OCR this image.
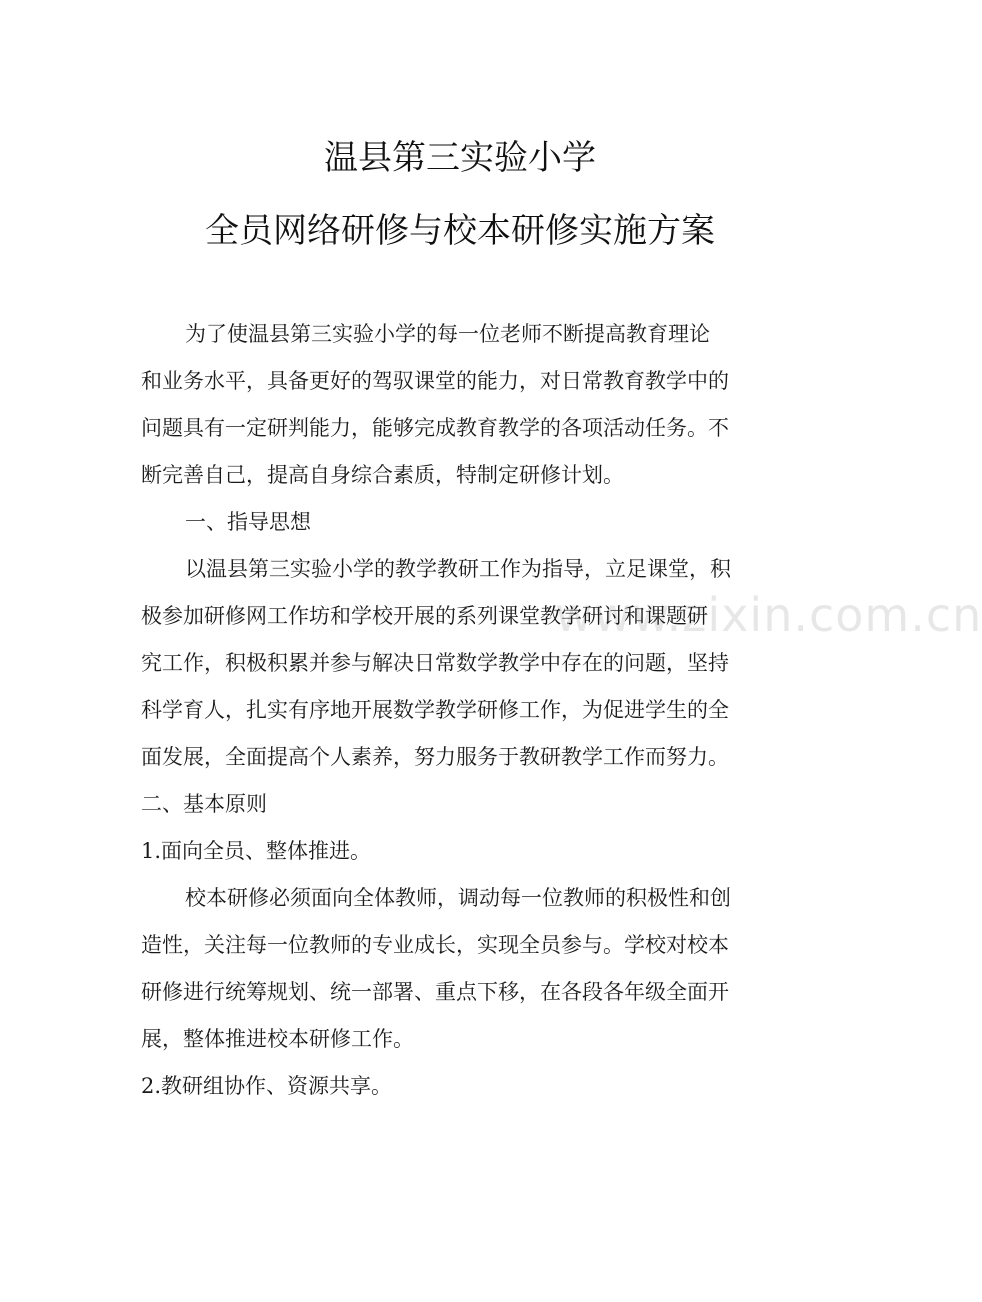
温县第三实验小学
全员网络研修与校本研修实施方案
www.zixin.com.cn
为了使温县第三实验小学的每一位老师不断提高教育理论
和业务水平，具备更好的驾驭课堂的能力，对日常教育教学中的
问题具有一定研判能力，能够完成教育教学的各项活动任务。不
断完善自己，提高自身综合素质，特制定研修计划。
一、指导思想
以温县第三实验小学的教学教研工作为指导，立足课堂，积
极参加研修网工作坊和学校开展的系列课堂教学研讨和课题研
究工作，积极积累并参与解决日常数学教学中存在的问题，坚持
科学育人，扎实有序地开展数学教学研修工作，为促进学生的全
面发展，全面提高个人素养，努力服务于教研教学工作而努力。
二、基本原则
1.面向全员、整体推进。
校本研修必须面向全体教师，调动每一位教师的积极性和创
造性，关注每一位教师的专业成长，实现全员参与。学校对校本
研修进行统筹规划、统一部署、重点下移，在各段各年级全面开
展，整体推进校本研修工作。
2.教研组协作、资源共享。
